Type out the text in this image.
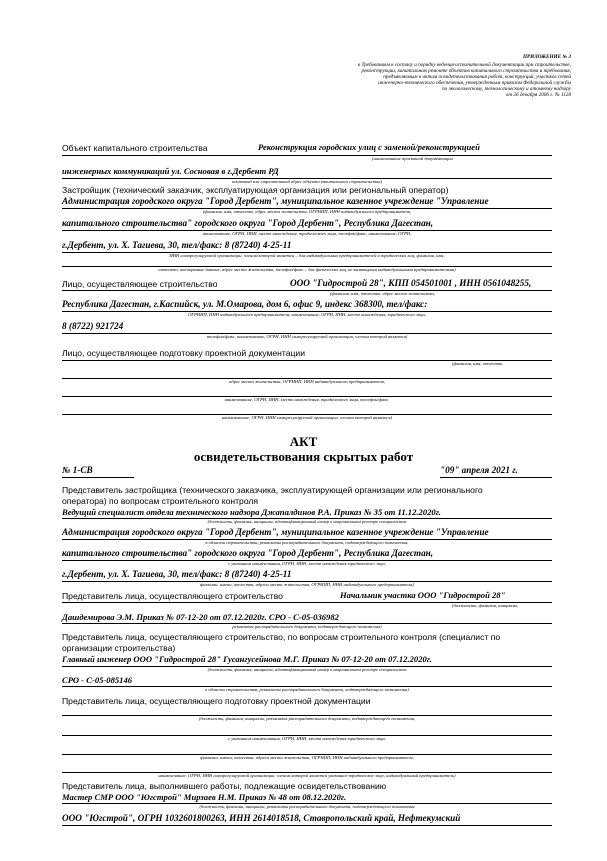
ПРИЛОЖЕНИЕ № 3
к Требованиям к составу и порядку ведения исполнительной документации при строительстве,
реконструкции, капитальном ремонте объектов капитального строительства и требования,
предъявляемым к актам освидетельствования работ, конструкций, участков сетей
инженерно-технического обеспечения, утвержденным приказом Федеральной службы
по экологическому, технологическому и атомному надзору
от 26 декабря 2006 г. № 1128
Объект капитального строительства	Реконструкция городских улиц с заменой/реконструкцией
(наименование проектной документации
инженерных коммуникаций ул. Сосновая в г.Дербент РД
почтовый или строительный адрес объекта капитального строительства)
Застройщик (технический заказчик, эксплуатирующая организация или региональный оператор)
Администрация городского округа "Город Дербент", муниципальное казенное учреждение "Управление
(фамилия, имя, отчество, адрес места жительства, ОГРНИП, ИНН индивидуального предпринимателя,
капитального строительства" городского округа "Город Дербент", Республика Дагестан,
наименование, ОГРН, ИНН, место нахождения, юридического лица, телефон/факс, наименование, ОГРН,
г.Дербент, ул. Х. Тагиева, 30, тел/факс: 8 (87240) 4-25-11
ИНН саморегулируемой организации, членом которой является – для индивидуальных предпринимателей и юридических лиц; фамилия, имя,
отчество, паспортные данные, адрес места жительства, телефон/факс – для физических лиц, не являющихся индивидуальными предпринимателями)
Лицо, осуществляющее строительство	ООО "Гидрострой 28", КПП 054501001 , ИНН 0561048255,
(фамилия, имя, отчество, адрес места жительства,
Республика Дагестан, г.Каспийск, ул. М.Омарова, дом 6, офис 9, индекс 368300, тел/факс:
ОГРНИП, ИНН индивидуального предпринимателя, наименование, ОГРН, ИНН, место нахождения, юридического лица,
8 (8722) 921724
телефон/факс, наименование, ОГРН, ИНН саморегулируемой организации, членом которой является)
Лицо, осуществляющее подготовку проектной документации
(фамилия, имя, отчество,
адрес места жительства, ОГРНИП, ИНН индивидуального предпринимателя,
наименование, ОГРН, ИНН, место нахождения, юридического лица, телефон/факс,
наименование, ОГРН, ИНН саморегулируемой организации, членом которой является)
АКТ
освидетельствования скрытых работ
№ 1-СВ	"09" апреля 2021 г.
Представитель застройщика (технического заказчика, эксплуатирующей организации или регионального
оператора) по вопросам строительного контроля
Ведущий специалист отдела технического надзора Джапалдинов Р.А. Приказ № 35 от 11.12.2020г.
(должность, фамилия, инициалы, идентификационный номер в национальном реестре специалистов
Администрация городского округа "Город Дербент", муниципальное казенное учреждение "Управление
в области строительства, реквизиты распорядительного документа, подтверждающего полномочия,
капитального строительства" городского округа "Город Дербент", Республика Дагестан,
с указанием наименования, ОГРН, ИНН, места нахождения юридического лица,
г.Дербент, ул. Х. Тагиева, 30, тел/факс: 8 (87240) 4-25-11
фамилии, имени, отчества, адреса места жительства, ОГРНИП, ИНН индивидуального предпринимателя)
Представитель лица, осуществляющего строительство	Начальник участка ООО "Гидрострой 28"
(должность, фамилия, инициалы,
Дашдемирова Э.М. Приказ № 07-12-20 от 07.12.2020г. СРО - С-05-036982
реквизиты распорядительного документа, подтверждающего полномочия)
Представитель лица, осуществляющего строительство, по вопросам строительного контроля (специалист по
организации строительства)
Главный инженер ООО "Гидрострой 28" Гусангусейнова М.Г. Приказ № 07-12-20 от 07.12.2020г.
(должность, фамилия, инициалы, идентификационный номер в национальном реестре специалистов
СРО - С-05-085146
в области строительства, реквизиты распорядительного документа, подтверждающего полномочия)
Представитель лица, осуществляющего подготовку проектной документации
(должность, фамилия, инициалы, реквизиты распорядительного документа, подтверждающего полномочия,
с указанием наименования, ОГРН, ИНН, места нахождения юридического лица,
фамилии, имени, отчества, адреса места жительства, ОГРНИП, ИНН индивидуального предпринимателя,
наименование, ОГРН, ИНН саморегулируемой организации, членом которой является указанное юридическое лицо, индивидуальный предприниматель)
Представитель лица, выполнившего работы, подлежащие освидетельствованию
Мастер СМР ООО "Югстрой" Мирзаев Н.М. Приказ № 48 от 08.12.2020г.
(должность, фамилия, инициалы, реквизиты распорядительного документа, подтверждающего полномочия
ООО "Югстрой", ОГРН 1032601800263, ИНН 2614018518, Ставропольский край, Нефтекумский
